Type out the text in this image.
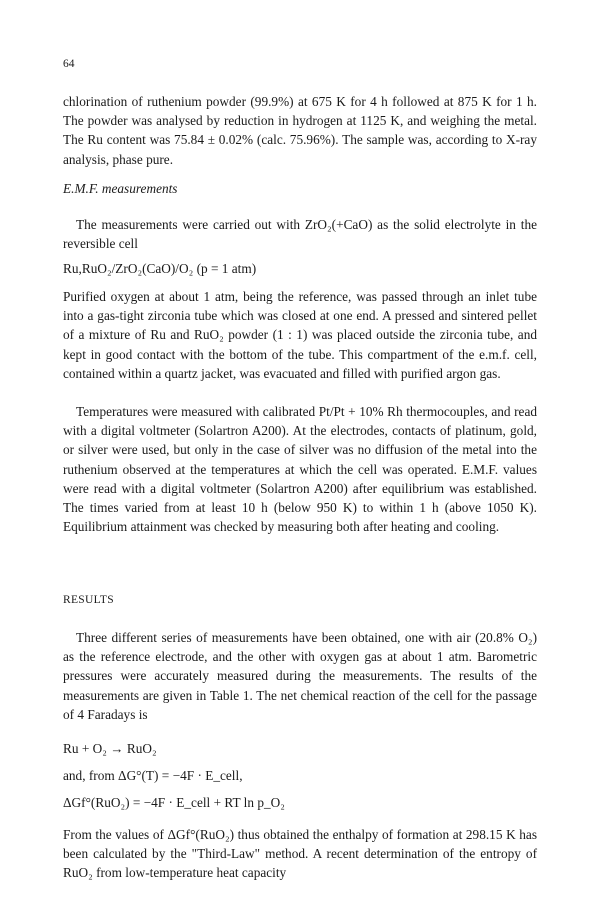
64
chlorination of ruthenium powder (99.9%) at 675 K for 4 h followed at 875 K for 1 h. The powder was analysed by reduction in hydrogen at 1125 K, and weighing the metal. The Ru content was 75.84 ± 0.02% (calc. 75.96%). The sample was, according to X-ray analysis, phase pure.
E.M.F. measurements
The measurements were carried out with ZrO₂(+CaO) as the solid electrolyte in the reversible cell
Ru,RuO₂/ZrO₂(CaO)/O₂ (p = 1 atm)
Purified oxygen at about 1 atm, being the reference, was passed through an inlet tube into a gas-tight zirconia tube which was closed at one end. A pressed and sintered pellet of a mixture of Ru and RuO₂ powder (1 : 1) was placed outside the zirconia tube, and kept in good contact with the bottom of the tube. This compartment of the e.m.f. cell, contained within a quartz jacket, was evacuated and filled with purified argon gas.
Temperatures were measured with calibrated Pt/Pt + 10% Rh thermocouples, and read with a digital voltmeter (Solartron A200). At the electrodes, contacts of platinum, gold, or silver were used, but only in the case of silver was no diffusion of the metal into the ruthenium observed at the temperatures at which the cell was operated. E.M.F. values were read with a digital voltmeter (Solartron A200) after equilibrium was established. The times varied from at least 10 h (below 950 K) to within 1 h (above 1050 K). Equilibrium attainment was checked by measuring both after heating and cooling.
RESULTS
Three different series of measurements have been obtained, one with air (20.8% O₂) as the reference electrode, and the other with oxygen gas at about 1 atm. Barometric pressures were accurately measured during the measurements. The results of the measurements are given in Table 1. The net chemical reaction of the cell for the passage of 4 Faradays is
Ru + O₂ → RuO₂
and, from ΔG°(T) = −4F · E_cell,
ΔGf°(RuO₂) = −4F · E_cell + RT ln p_O₂
From the values of ΔGf°(RuO₂) thus obtained the enthalpy of formation at 298.15 K has been calculated by the "Third-Law" method. A recent determination of the entropy of RuO₂ from low-temperature heat capacity
